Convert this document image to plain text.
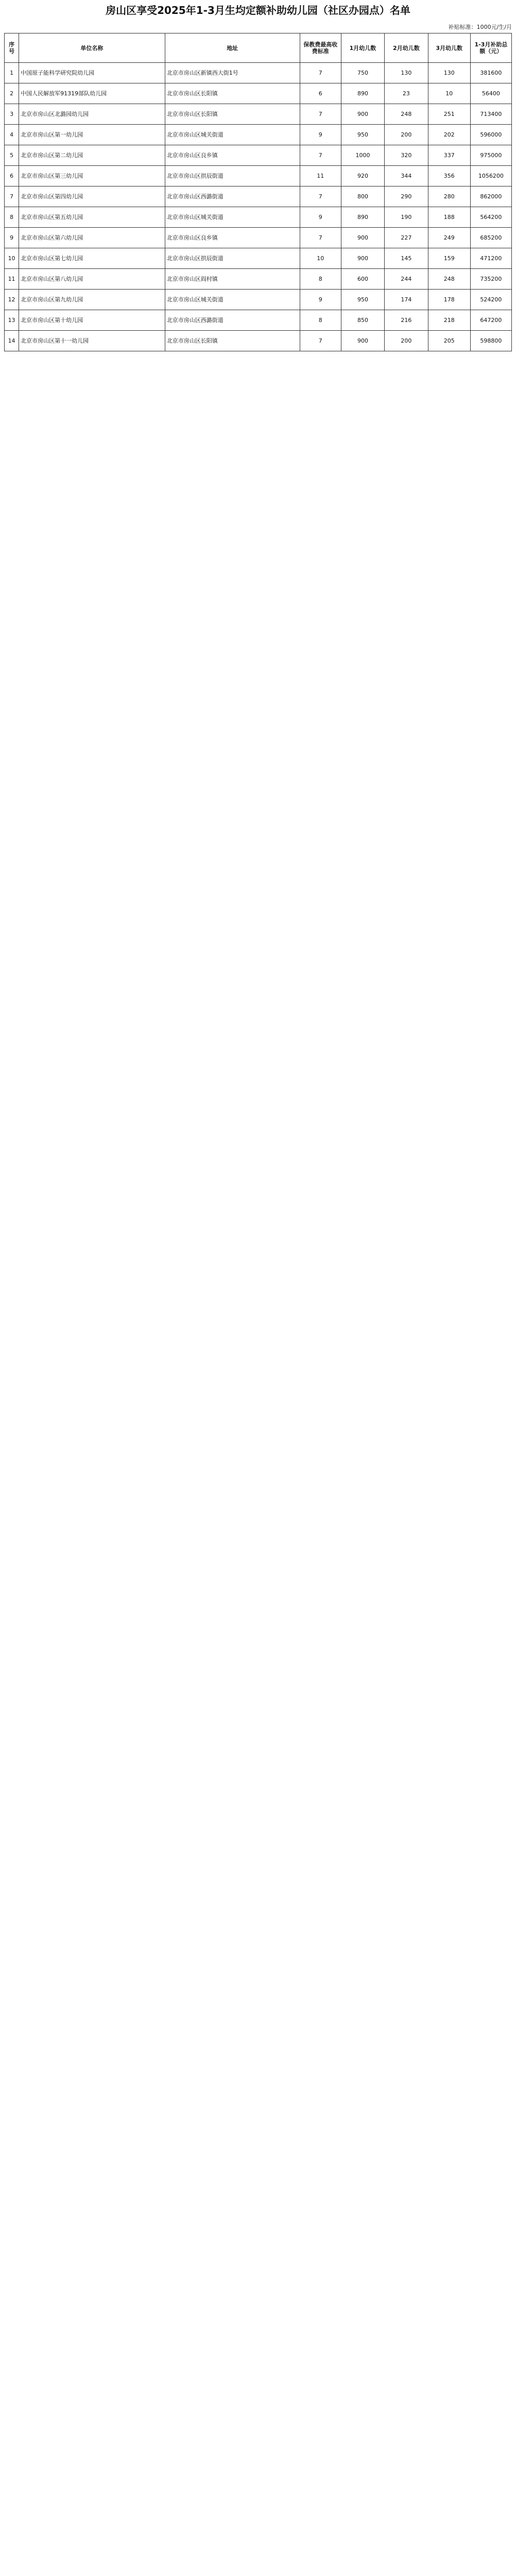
房山区享受2025年1-3月生均定额补助幼儿园（社区办园点）名单
补贴标准：1000元/生/月
序号	单位名称	地址	保教费最高收费标准	1月幼儿数	2月幼儿数	3月幼儿数	1-3月补助总额（元）
1	中国原子能科学研究院幼儿园	北京市房山区新镇西大街1号	7	750	130	130	381600
2	中国人民解放军91319部队幼儿园	北京市房山区长阳镇	6	890	23	10	56400
3	北京市房山区北潞园幼儿园	北京市房山区长阳镇	7	900	248	251	713400
4	北京市房山区第一幼儿园	北京市房山区城关街道	9	950	200	202	596000
5	北京市房山区第二幼儿园	北京市房山区良乡镇	7	1000	320	337	975000
6	北京市房山区第三幼儿园	北京市房山区拱辰街道	11	920	344	356	1056200
7	北京市房山区第四幼儿园	北京市房山区西潞街道	7	800	290	280	862000
8	北京市房山区第五幼儿园	北京市房山区城关街道	9	890	190	188	564200
9	北京市房山区第六幼儿园	北京市房山区良乡镇	7	900	227	249	685200
10	北京市房山区第七幼儿园	北京市房山区拱辰街道	10	900	145	159	471200
11	北京市房山区第八幼儿园	北京市房山区阎村镇	8	600	244	248	735200
12	北京市房山区第九幼儿园	北京市房山区城关街道	9	950	174	178	524200
13	北京市房山区第十幼儿园	北京市房山区西潞街道	8	850	216	218	647200
14	北京市房山区第十一幼儿园	北京市房山区长阳镇	7	900	200	205	598800
